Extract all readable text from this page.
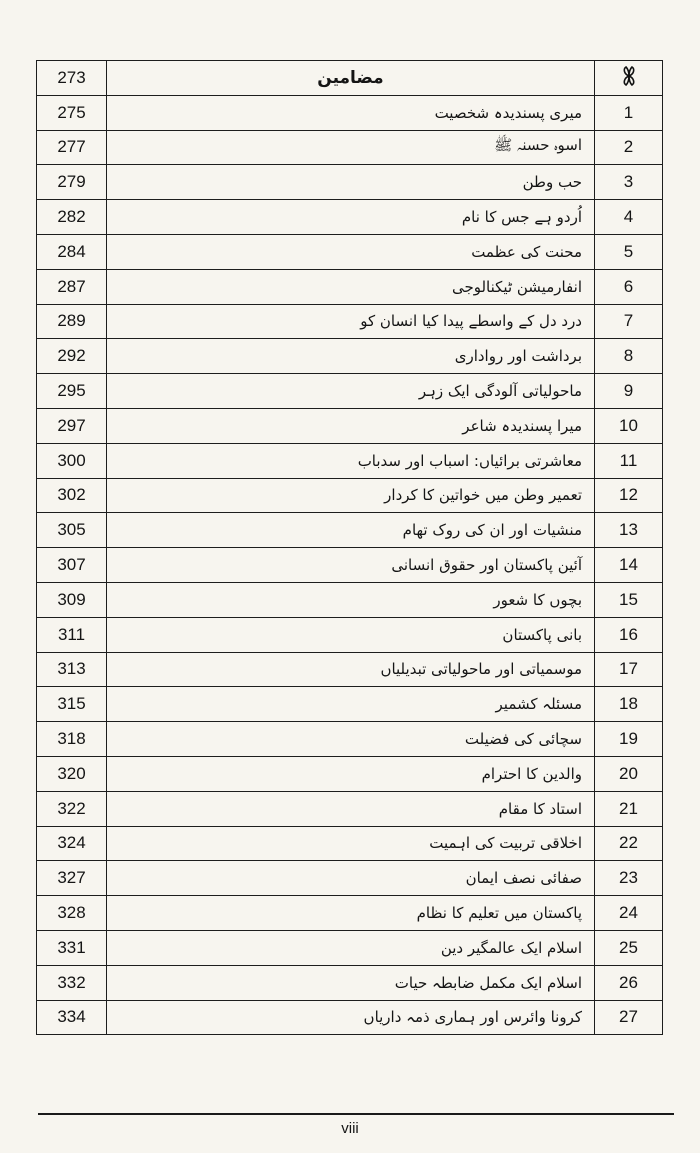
273	مضامین	
275	میری پسندیدہ شخصیت	1
277	اسوہ حسنہ ﷺ	2
279	حب وطن	3
282	اُردو ہے جس کا نام	4
284	محنت کی عظمت	5
287	انفارمیشن ٹیکنالوجی	6
289	درد دل کے واسطے پیدا کیا انسان کو	7
292	برداشت اور رواداری	8
295	ماحولیاتی آلودگی ایک زہر	9
297	میرا پسندیدہ شاعر	10
300	معاشرتی برائیاں: اسباب اور سدباب	11
302	تعمیر وطن میں خواتین کا کردار	12
305	منشیات اور ان کی روک تھام	13
307	آئین پاکستان اور حقوق انسانی	14
309	بچوں کا شعور	15
311	بانی پاکستان	16
313	موسمیاتی اور ماحولیاتی تبدیلیاں	17
315	مسئلہ کشمیر	18
318	سچائی کی فضیلت	19
320	والدین کا احترام	20
322	استاد کا مقام	21
324	اخلاقی تربیت کی اہمیت	22
327	صفائی نصف ایمان	23
328	پاکستان میں تعلیم کا نظام	24
331	اسلام ایک عالمگیر دین	25
332	اسلام ایک مکمل ضابطہ حیات	26
334	کرونا وائرس اور ہماری ذمہ داریاں	27
viii
